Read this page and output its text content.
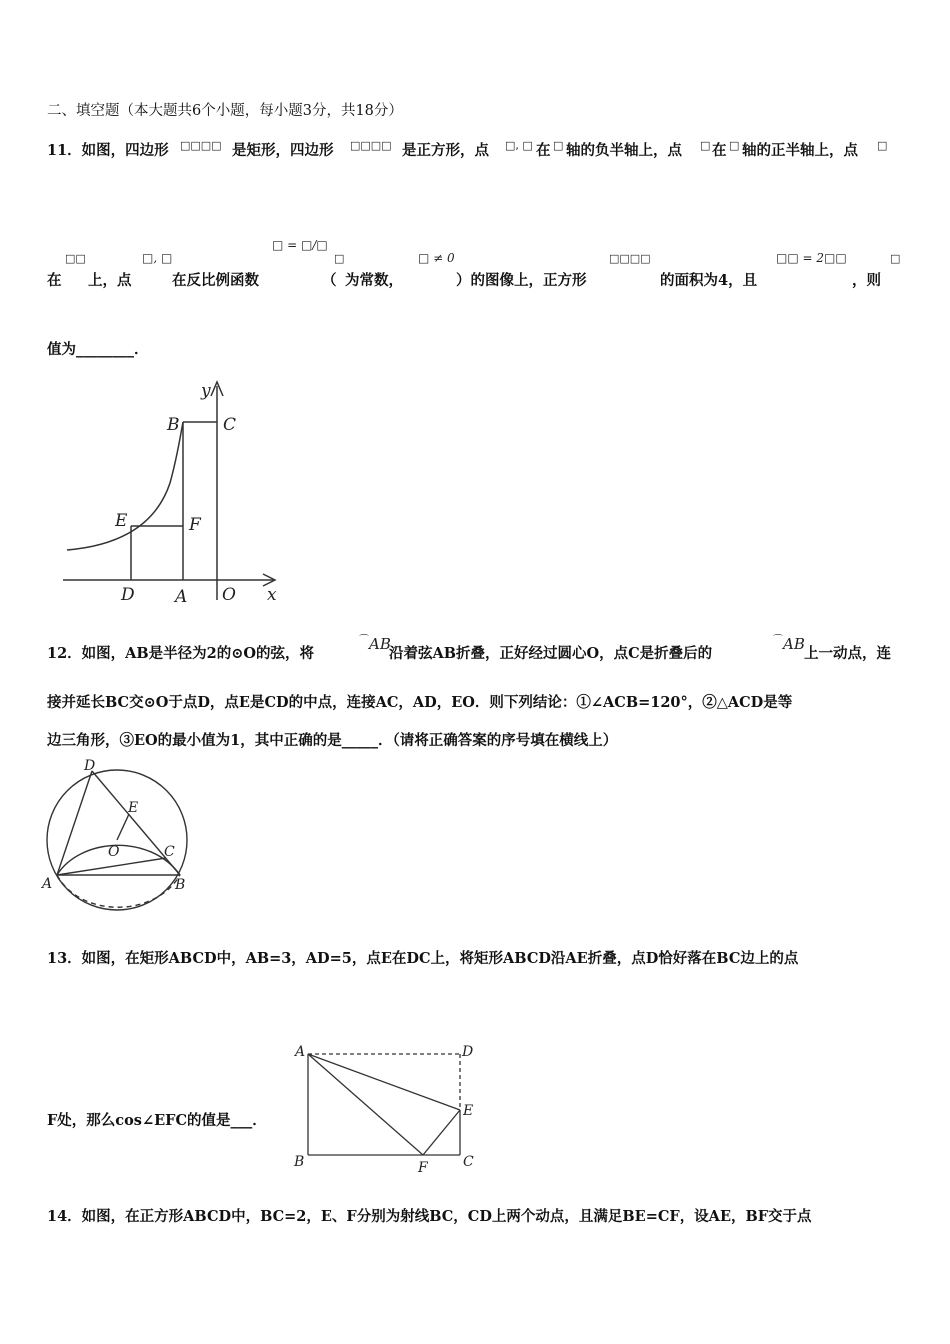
二、填空题（本大题共6个小题，每小题3分，共18分）
11．如图，四边形 □□□□ 是矩形，四边形 □□□□ 是正方形，点 □, □ 在 □ 轴的负半轴上，点 □ 在 □ 轴的正半轴上，点 □
□□	□, □
□ = □/□
□	□ ≠ 0	□□□□	□□ = 2□□	□
在 上，点	在反比例函数	（ 为常数，	）的图像上，正方形	的面积为4，且	，则
值为________．
y
B	C
E	F
D A O x
12．如图，AB是半径为2的⊙O的弦，将
⌒AB
沿着弦AB折叠，正好经过圆心O，点C是折叠后的
⌒AB
上一动点，连
接并延长BC交⊙O于点D，点E是CD的中点，连接AC，AD，EO．则下列结论：①∠ACB=120°，②△ACD是等
边三角形，③EO的最小值为1，其中正确的是_____．（请将正确答案的序号填在横线上）
D
E
O	C
A	B
13．如图，在矩形ABCD中，AB=3，AD=5，点E在DC上，将矩形ABCD沿AE折叠，点D恰好落在BC边上的点
F处，那么cos∠EFC的值是___．
A	D
E
B	F	C
14．如图，在正方形ABCD中，BC=2，E、F分别为射线BC，CD上两个动点，且满足BE=CF，设AE，BF交于点
